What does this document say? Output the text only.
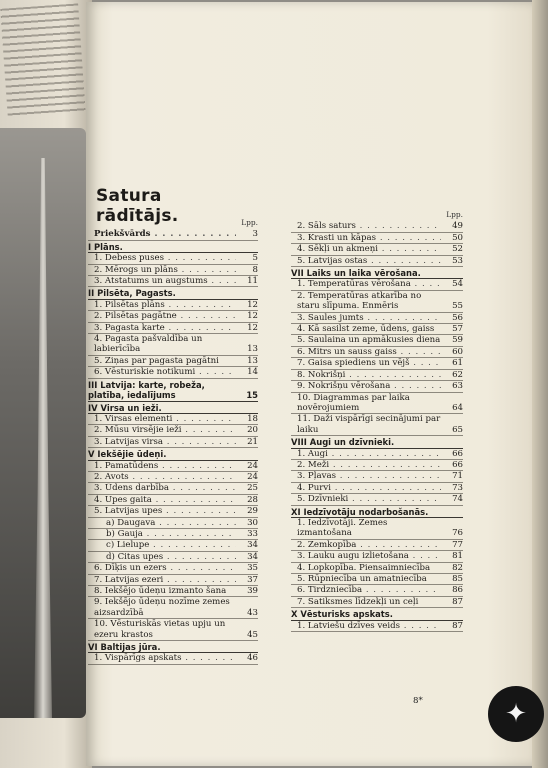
Satura rādītājs.	Lpp.
Priekšvārds . . .	3
I Plāns.
1. Debess puses . . .	5
2. Mērogs un plāns . . .	8
3. Atstatums un augstums . . .	11
II Pilsēta, Pagasts.
1. Pilsētas plāns . . .	12
2. Pilsētas pagātne . . .	12
3. Pagasta karte . . .	12
4. Pagasta pašvaldība un labierīcība	13
5. Ziņas par pagasta pagātni	13
6. Vēsturiskie notikumi . . .	14
III Latvija: karte, robeža, platība, iedalījums	15
IV Virsa un ieži.
1. Virsas elementi . . .	18
2. Mūsu virsējie ieži . . .	20
3. Latvijas virsa . . .	21
V Iekšējie ūdeņi.
1. Pamatūdens . . .	24
2. Avots . . .	24
3. Ūdens darbība . . .	25
4. Upes gaita . . .	28
5. Latvijas upes . . .	29
a) Daugava . . .	30
b) Gauja . . .	33
c) Lielupe . . .	34
d) Citas upes . . .	34
6. Dīķis un ezers . . .	35
7. Latvijas ezeri . . .	37
8. Iekšējo ūdeņu izmanto šana	39
9. Iekšējo ūdeņu nozīme zemes aizsardzībā	43
10. Vēsturiskās vietas upju un ezeru krastos	45
VI Baltijas jūra.
1. Vispārīgs apskats . . .	46
Lpp.
2. Sāls saturs . . .	49
3. Krasti un kāpas . . .	50
4. Sēkļi un akmeņi . . .	52
5. Latvijas ostas . . .	53
VII Laiks un laika vērošana.
1. Temperatūras vērošana . . .	54
2. Temperatūras atkarība no staru slīpuma. Enmēris	55
3. Saules jumts . . .	56
4. Kā sasilst zeme, ūdens, gaiss	57
5. Saulaina un apmākusies diena	59
6. Mitrs un sauss gaiss . . .	60
7. Gaisa spiediens un vējš . . .	61
8. Nokrišņi . . .	62
9. Nokrišņu vērošana . . .	63
10. Diagrammas par laika novērojumiem	64
11. Daži vispārīgi secinājumi par laiku	65
VIII Augi un dzīvnieki.
1. Augi . . .	66
2. Meži . . .	66
3. Pļavas . . .	71
4. Purvi . . .	73
5. Dzīvnieki . . .	74
XI Iedzīvotāju nodarbošanās.
1. Iedzīvotāji. Zemes izmantošana	76
2. Zemkopība . . .	77
3. Lauku augu izlietošana . . .	81
4. Lopkopība. Piensaimniecība	82
5. Rūpniecība un amatniecība	85
6. Tirdzniecība . . .	86
7. Satiksmes līdzekļi un ceļi	87
X Vēsturisks apskats.
1. Latviešu dzīves veids . . .	87
8*	✦
